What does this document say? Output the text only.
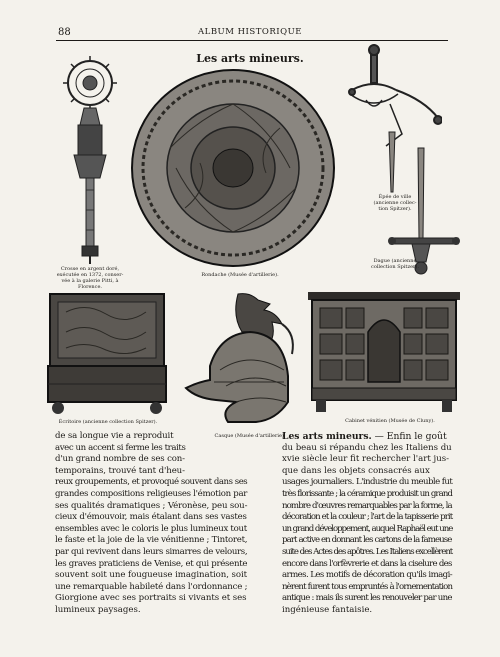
88	ALBUM HISTORIQUE
Les arts mineurs.
Crosse en argent doré,
exécutée en 1372, conser-
vée à la galerie Pitti, à
Florence.
Rondache (Musée d'artillerie).
Épée de ville
(ancienne collec-
tion Spitzer).
Dague (ancienne
collection Spitzer).
Écritoire (ancienne collection Spitzer).
Casque (Musée d'artillerie).
Cabinet vénitien (Musée de Cluny).
de sa longue vie a reproduit
avec un accent si ferme les traits
d'un grand nombre de ses con-
temporains, trouvé tant d'heu-
reux groupements, et provoqué souvent dans ses
grandes compositions religieuses l'émotion par
ses qualités dramatiques ; Véronèse, peu sou-
cieux d'émouvoir, mais étalant dans ses vastes
ensembles avec le coloris le plus lumineux tout
le faste et la joie de la vie vénitienne ; Tintoret,
par qui revivent dans leurs simarres de velours,
les graves praticiens de Venise, et qui présente
souvent soit une fougueuse imagination, soit
une remarquable habileté dans l'ordonnance ;
Giorgione avec ses portraits si vivants et ses
lumineux paysages.
Les arts mineurs. — Enfin le goût
du beau si répandu chez les Italiens du
xvie siècle leur fit rechercher l'art jus-
que dans les objets consacrés aux
usages journaliers. L'industrie du meuble fut
très florissante ; la céramique produisit un grand
nombre d'œuvres remarquables par la forme, la
décoration et la couleur ; l'art de la tapisserie prit
un grand développement, auquel Raphaël eut une
part active en donnant les cartons de la fameuse
suite des Actes des apôtres. Les Italiens excellèrent
encore dans l'orfèvrerie et dans la ciselure des
armes. Les motifs de décoration qu'ils imagi-
nèrent furent tous empruntés à l'ornementation
antique : mais ils surent les renouveler par une
ingénieuse fantaisie.
